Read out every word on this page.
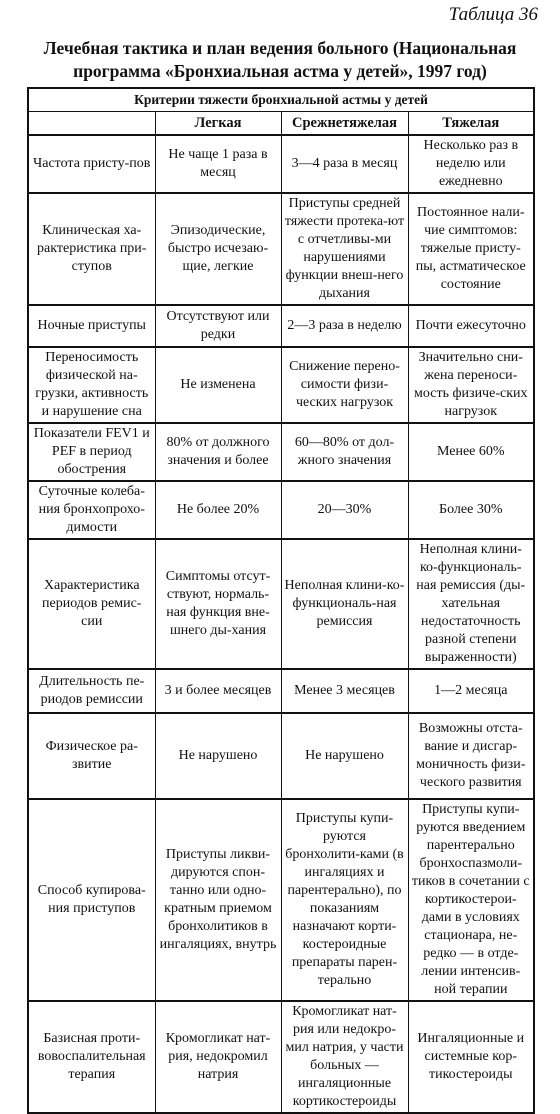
Таблица 36
Лечебная тактика и план ведения больного (Национальная программа «Бронхиальная астма у детей», 1997 год)
Критерии тяжести бронхиальной астмы у детей			
	Легкая	Срежнетяжелая	Тяжелая
Частота присту-пов	Не чаще 1 раза в месяц	3—4 раза в месяц	Несколько раз в неделю или ежедневно
Клиническая ха-рактеристика при-ступов	Эпизодические, быстро исчезаю-щие, легкие	Приступы средней тяжести протека-ют с отчетливы-ми нарушениями функции внеш-него дыхания	Постоянное нали-чие симптомов: тяжелые присту-пы, астматическое состояние
Ночные приступы	Отсутствуют или редки	2—3 раза в неделю	Почти ежесуточно
Переносимость физической на-грузки, активность и нарушение сна	Не изменена	Снижение перено-симости физи-ческих нагрузок	Значительно сни-жена переноси-мость физиче-ских нагрузок
Показатели FEV1 и PEF в период обострения	80% от должного значения и более	60—80% от дол-жного значения	Менее 60%
Суточные колеба-ния бронхопрохо-димости	Не более 20%	20—30%	Более 30%
Характеристика периодов ремис-сии	Симптомы отсут-ствуют, нормаль-ная функция вне-шнего ды-хания	Неполная клини-ко-функциональ-ная ремиссия	Неполная клини-ко-функциональ-ная ремиссия (ды-хательная недостаточность разной степени выраженности)
Длительность пе-риодов ремиссии	3 и более месяцев	Менее 3 месяцев	1—2 месяца
Физическое ра-звитие	Не нарушено	Не нарушено	Возможны отста-вание и дисгар-моничность физи-ческого развития
Способ купирова-ния приступов	Приступы ликви-дируются спон-танно или одно-кратным приемом бронхолитиков в ингаляциях, внутрь	Приступы купи-руются бронхолити-ками (в ингаляциях и парентерально), по показаниям назначают корти-костероидные препараты парен-терально	Приступы купи-руются введением парентерально бронхоспазмоли-тиков в сочетании с кортикостерои-дами в условиях стационара, не-редко — в отде-лении интенсив-ной терапии
Базисная проти-вовоспалительная терапия	Кромогликат нат-рия, недокромил натрия	Кромогликат нат-рия или недокро-мил натрия, у части больных — ингаляционные кортикостероиды	Ингаляционные и системные кор-тикостероиды
